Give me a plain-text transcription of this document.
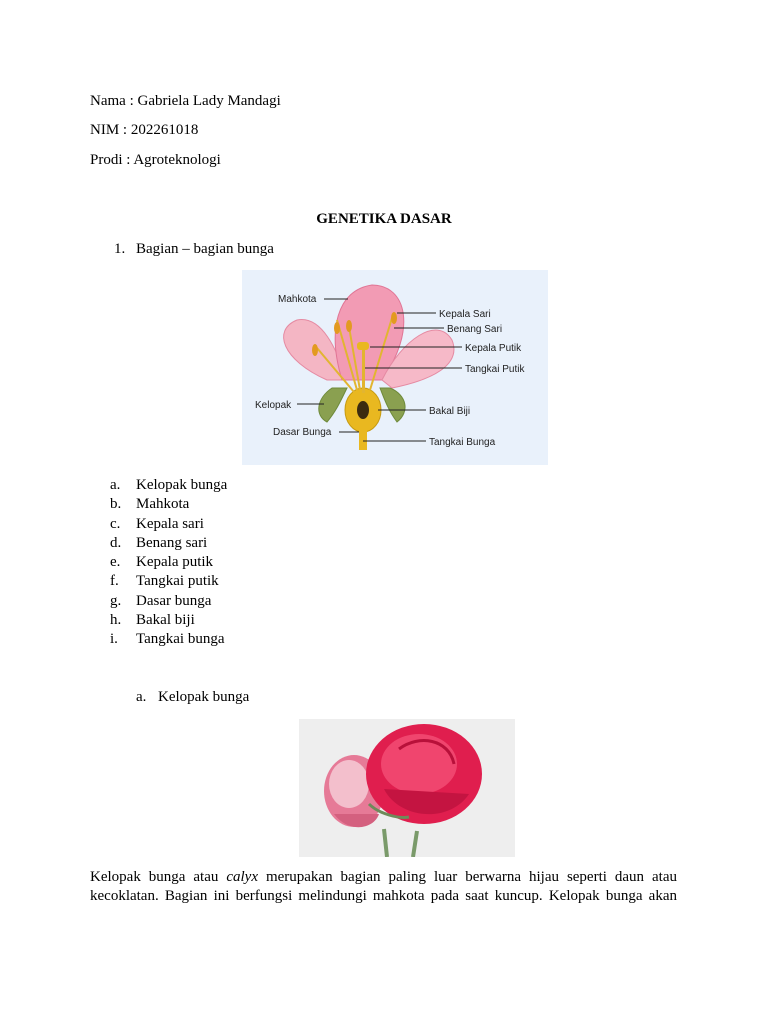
Nama : Gabriela Lady Mandagi
NIM : 202261018
Prodi : Agroteknologi
GENETIKA DASAR
1. Bagian – bagian bunga
Mahkota
Kepala Sari
Benang Sari
Kepala Putik
Tangkai Putik
Kelopak
Bakal Biji
Dasar Bunga
Tangkai Bunga
a. Kelopak bunga
b. Mahkota
c. Kepala sari
d. Benang sari
e. Kepala putik
f. Tangkai putik
g. Dasar bunga
h. Bakal biji
i. Tangkai bunga
a. Kelopak bunga
Kelopak bunga atau calyx merupakan bagian paling luar berwarna hijau seperti daun atau
kecoklatan. Bagian ini berfungsi melindungi mahkota pada saat kuncup. Kelopak bunga akan
